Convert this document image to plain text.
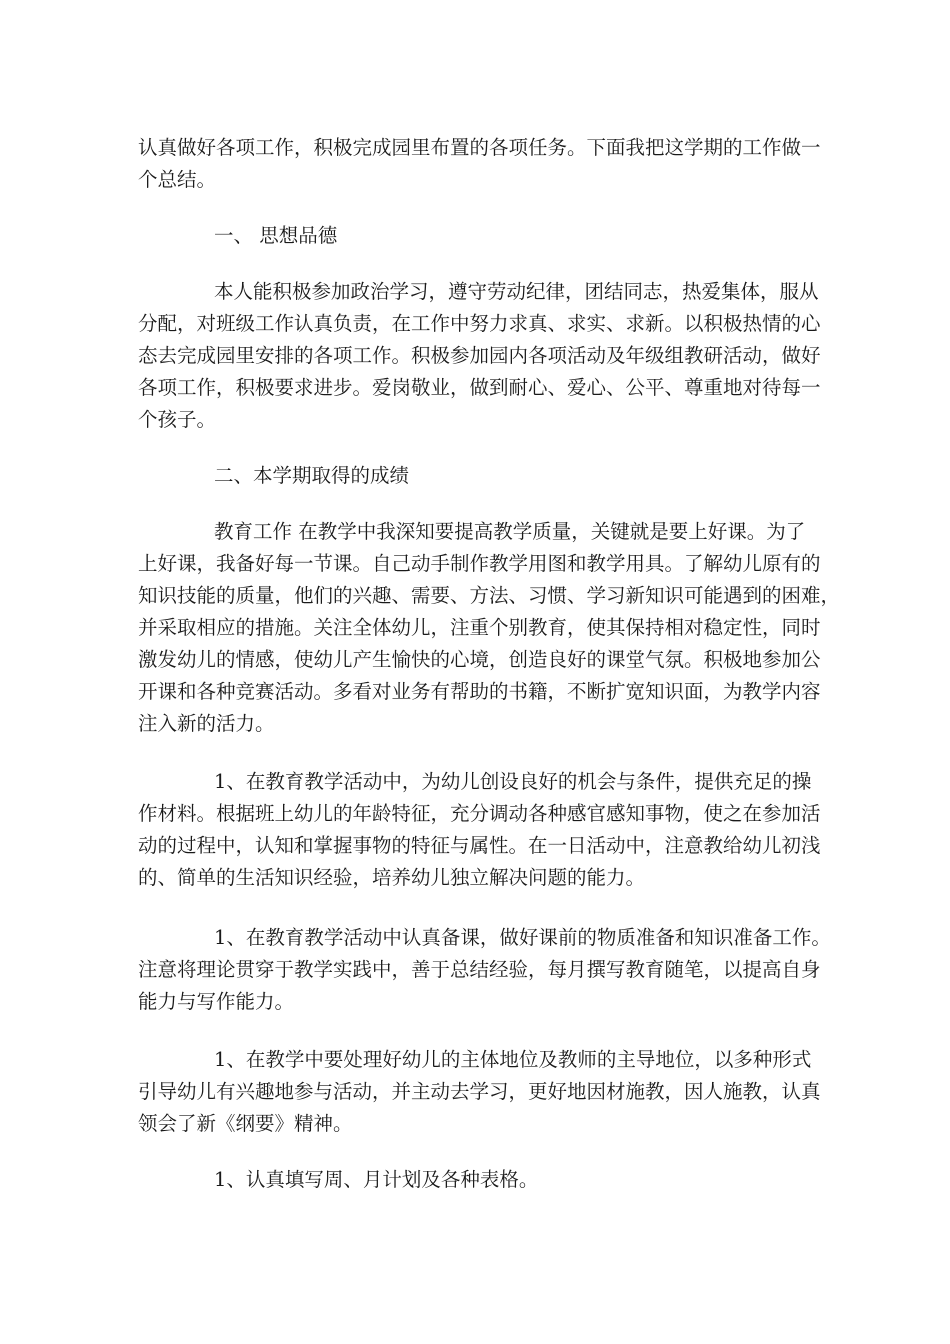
认真做好各项工作，积极完成园里布置的各项任务。下面我把这学期的工作做一
个总结。
一、 思想品德
本人能积极参加政治学习，遵守劳动纪律，团结同志，热爱集体，服从
分配，对班级工作认真负责，在工作中努力求真、求实、求新。以积极热情的心
态去完成园里安排的各项工作。积极参加园内各项活动及年级组教研活动，做好
各项工作，积极要求进步。爱岗敬业，做到耐心、爱心、公平、尊重地对待每一
个孩子。
二、本学期取得的成绩
教育工作 在教学中我深知要提高教学质量，关键就是要上好课。为了
上好课，我备好每一节课。自己动手制作教学用图和教学用具。了解幼儿原有的
知识技能的质量，他们的兴趣、需要、方法、习惯、学习新知识可能遇到的困难，
并采取相应的措施。关注全体幼儿，注重个别教育，使其保持相对稳定性，同时
激发幼儿的情感，使幼儿产生愉快的心境，创造良好的课堂气氛。积极地参加公
开课和各种竞赛活动。多看对业务有帮助的书籍，不断扩宽知识面，为教学内容
注入新的活力。
1、在教育教学活动中，为幼儿创设良好的机会与条件，提供充足的操
作材料。根据班上幼儿的年龄特征，充分调动各种感官感知事物，使之在参加活
动的过程中，认知和掌握事物的特征与属性。在一日活动中，注意教给幼儿初浅
的、简单的生活知识经验，培养幼儿独立解决问题的能力。
1、在教育教学活动中认真备课，做好课前的物质准备和知识准备工作。
注意将理论贯穿于教学实践中，善于总结经验，每月撰写教育随笔，以提高自身
能力与写作能力。
1、在教学中要处理好幼儿的主体地位及教师的主导地位，以多种形式
引导幼儿有兴趣地参与活动，并主动去学习，更好地因材施教，因人施教，认真
领会了新《纲要》精神。
1、认真填写周、月计划及各种表格。
